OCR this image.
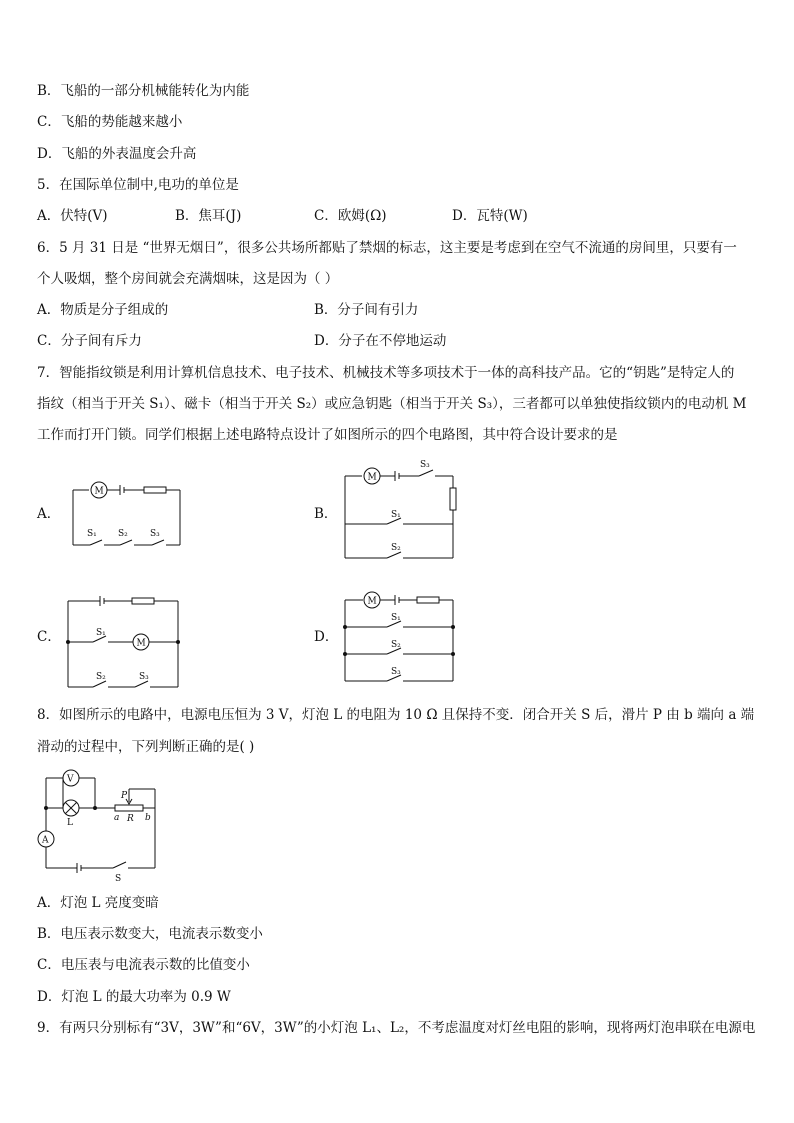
B．飞船的一部分机械能转化为内能
C．飞船的势能越来越小
D．飞船的外表温度会升高
5．在国际单位制中,电功的单位是
A．伏特(V)	B．焦耳(J)	C．欧姆(Ω)	D．瓦特(W)
6．5 月 31 日是 “世界无烟日”，很多公共场所都贴了禁烟的标志，这主要是考虑到在空气不流通的房间里，只要有一
个人吸烟，整个房间就会充满烟味，这是因为（ ）
A．物质是分子组成的	B．分子间有引力
C．分子间有斥力	D．分子在不停地运动
7．智能指纹锁是利用计算机信息技术、电子技术、机械技术等多项技术于一体的高科技产品。它的“钥匙”是特定人的
指纹（相当于开关 S₁）、磁卡（相当于开关 S₂）或应急钥匙（相当于开关 S₃），三者都可以单独使指纹锁内的电动机 M
工作而打开门锁。同学们根据上述电路特点设计了如图所示的四个电路图，其中符合设计要求的是
A．	B．
C．	D．
M
S₁ S₂ S₃
M
S₃
S₁
S₂
S₁
M
S₂	S₃
M
S₁
S₂
S₃
8．如图所示的电路中，电源电压恒为 3 V，灯泡 L 的电阻为 10 Ω 且保持不变．闭合开关 S 后，滑片 P 由 b 端向 a 端
滑动的过程中，下列判断正确的是( )
A
S
L
V
P
a R b
A．灯泡 L 亮度变暗
B．电压表示数变大，电流表示数变小
C．电压表与电流表示数的比值变小
D．灯泡 L 的最大功率为 0.9 W
9．有两只分别标有“3V，3W”和“6V，3W”的小灯泡 L₁、L₂，不考虑温度对灯丝电阻的影响，现将两灯泡串联在电源电
